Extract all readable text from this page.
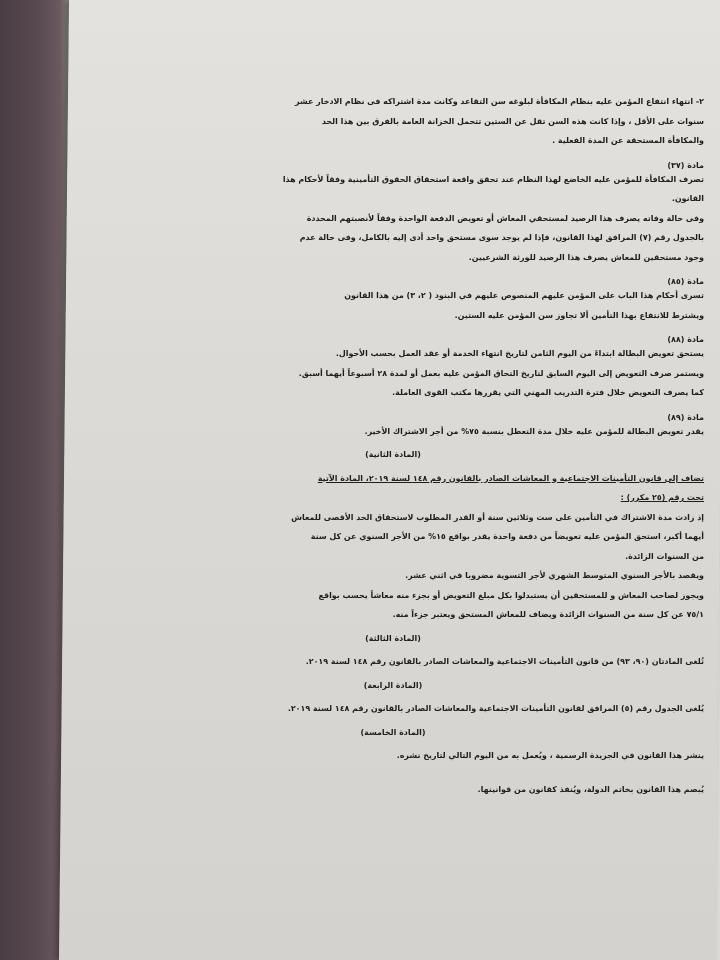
٢- انتهاء انتفاع المؤمن عليه بنظام المكافأة لبلوغه سن التقاعد وكانت مدة اشتراكه فى نظام الادخار عشر

سنوات على الأقل ، وإذا كانت هذه السن تقل عن الستين تتحمل الخزانة العامة بالفرق بين هذا الحد

والمكافأة المستحقة عن المدة الفعلية .

مادة (٣٧)

تصرف المكافأة للمؤمن عليه الخاضع لهذا النظام عند تحقق واقعة استحقاق الحقوق التأمينية وفقاً لأحكام هذا

القانون.

وفى حالة وفاته يصرف هذا الرصيد لمستحقي المعاش أو تعويض الدفعة الواحدة وفقاً لأنصبتهم المحددة

بالجدول رقم (٧) المرافق لهذا القانون، فإذا لم يوجد سوى مستحق واحد أدى إليه بالكامل، وفى حالة عدم

وجود مستحقين للمعاش يصرف هذا الرصيد للورثة الشرعيين.

مادة (٨٥)

تسرى أحكام هذا الباب على المؤمن عليهم المنصوص عليهم في البنود ( ٢، ٣) من هذا القانون

ويشترط للانتفاع بهذا التأمين ألا تجاوز سن المؤمن عليه الستين.

مادة (٨٨)

يستحق تعويض البطالة ابتداءً من اليوم الثامن لتاريخ انتهاء الخدمة أو عقد العمل بحسب الأحوال.

ويستمر صرف التعويض إلى اليوم السابق لتاريخ التحاق المؤمن عليه بعمل أو لمدة ٢٨ أسبوعاً أيهما أسبق.

كما يصرف التعويض خلال فترة التدريب المهني التي يقررها مكتب القوى العاملة.

مادة (٨٩)

يقدر تعويض البطالة للمؤمن عليه خلال مدة التعطل بنسبة ٧٥% من أجر الاشتراك الأخير.

(المادة الثانية)

تضاف إلى قانون التأمينات الاجتماعية و المعاشات الصادر بالقانون رقم ١٤٨ لسنة ٢٠١٩، المادة الآتية

تحت رقم (٢٥ مكرر) :

إذ زادت مدة الاشتراك في التأمين على ست وثلاثين سنة أو القدر المطلوب لاستحقاق الحد الأقصى للمعاش

أيهما أكبر، استحق المؤمن عليه تعويضاً من دفعة واحدة يقدر بواقع ١٥% من الأجر السنوي عن كل سنة

من السنوات الزائدة.

ويقصد بالأجر السنوي المتوسط الشهري لأجر التسوية مضروبا في اثني عشر.

ويجوز لصاحب المعاش و للمستحقين أن يستبدلوا بكل مبلغ التعويض أو بجزء منه معاشاً يحسب بواقع

٧٥/١ عن كل سنة من السنوات الزائدة ويضاف للمعاش المستحق ويعتبر جزءاً منه.

(المادة الثالثة)

تُلغى المادتان (٩٠، ٩٣) من قانون التأمينات الاجتماعية والمعاشات الصادر بالقانون رقم ١٤٨ لسنة ٢٠١٩.

(المادة الرابعة)

يُلغى الجدول رقم (٥) المرافق لقانون التأمينات الاجتماعية والمعاشات الصادر بالقانون رقم ١٤٨ لسنة ٢٠١٩.

(المادة الخامسة)

ينشر هذا القانون في الجريدة الرسمية ، ويُعمل به من اليوم التالي لتاريخ نشره.

يُبصم هذا القانون بخاتم الدولة، ويُنفذ كقانون من قوانينها.
